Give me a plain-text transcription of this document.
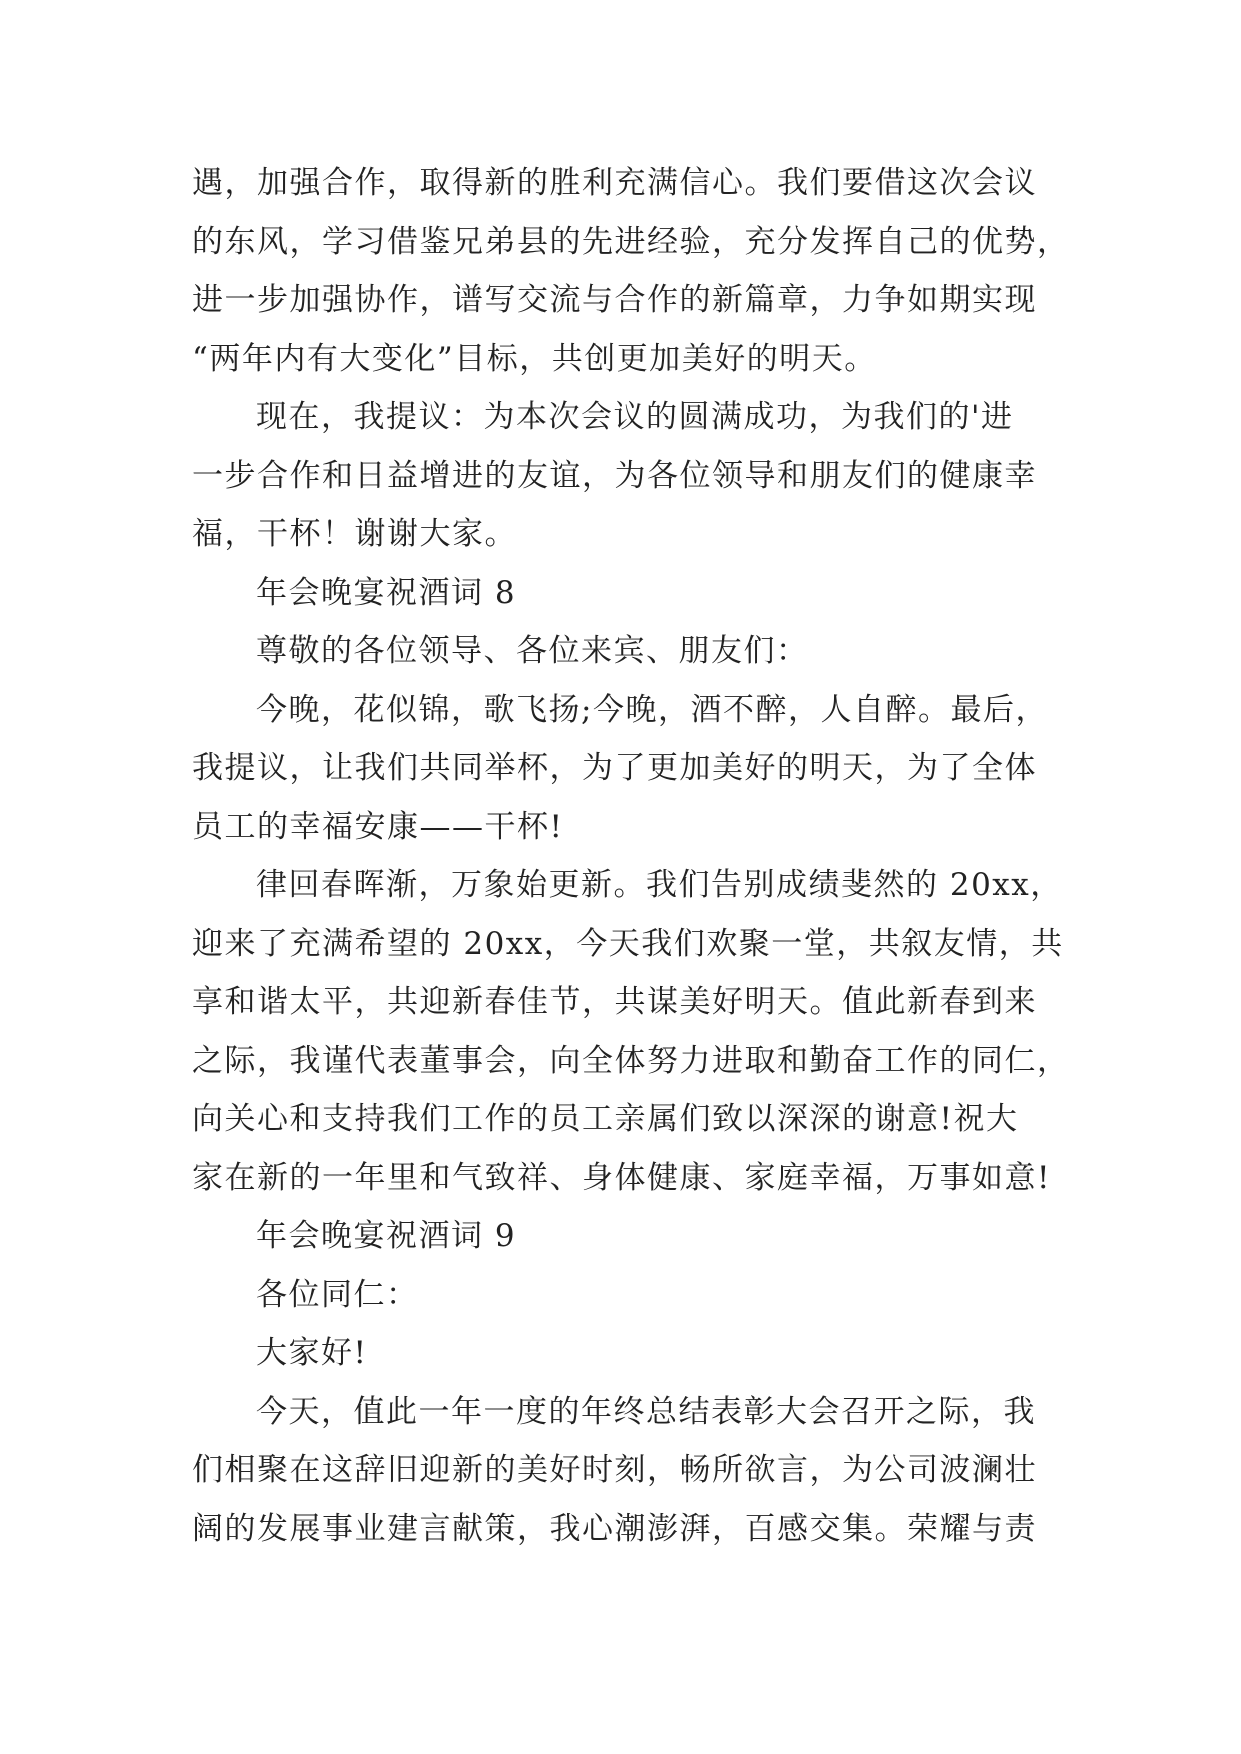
遇，加强合作，取得新的胜利充满信心。我们要借这次会议
的东风，学习借鉴兄弟县的先进经验，充分发挥自己的优势，
进一步加强协作，谱写交流与合作的新篇章，力争如期实现
“两年内有大变化”目标，共创更加美好的明天。
现在，我提议：为本次会议的圆满成功，为我们的'进
一步合作和日益增进的友谊，为各位领导和朋友们的健康幸
福，干杯！谢谢大家。
年会晚宴祝酒词 8
尊敬的各位领导、各位来宾、朋友们：
今晚，花似锦，歌飞扬;今晚，酒不醉，人自醉。最后，
我提议，让我们共同举杯，为了更加美好的明天，为了全体
员工的幸福安康——干杯!
律回春晖渐，万象始更新。我们告别成绩斐然的 20xx，
迎来了充满希望的 20xx，今天我们欢聚一堂，共叙友情，共
享和谐太平，共迎新春佳节，共谋美好明天。值此新春到来
之际，我谨代表董事会，向全体努力进取和勤奋工作的同仁，
向关心和支持我们工作的员工亲属们致以深深的谢意!祝大
家在新的一年里和气致祥、身体健康、家庭幸福，万事如意!
年会晚宴祝酒词 9
各位同仁：
大家好!
今天，值此一年一度的年终总结表彰大会召开之际，我
们相聚在这辞旧迎新的美好时刻，畅所欲言，为公司波澜壮
阔的发展事业建言献策，我心潮澎湃，百感交集。荣耀与责
